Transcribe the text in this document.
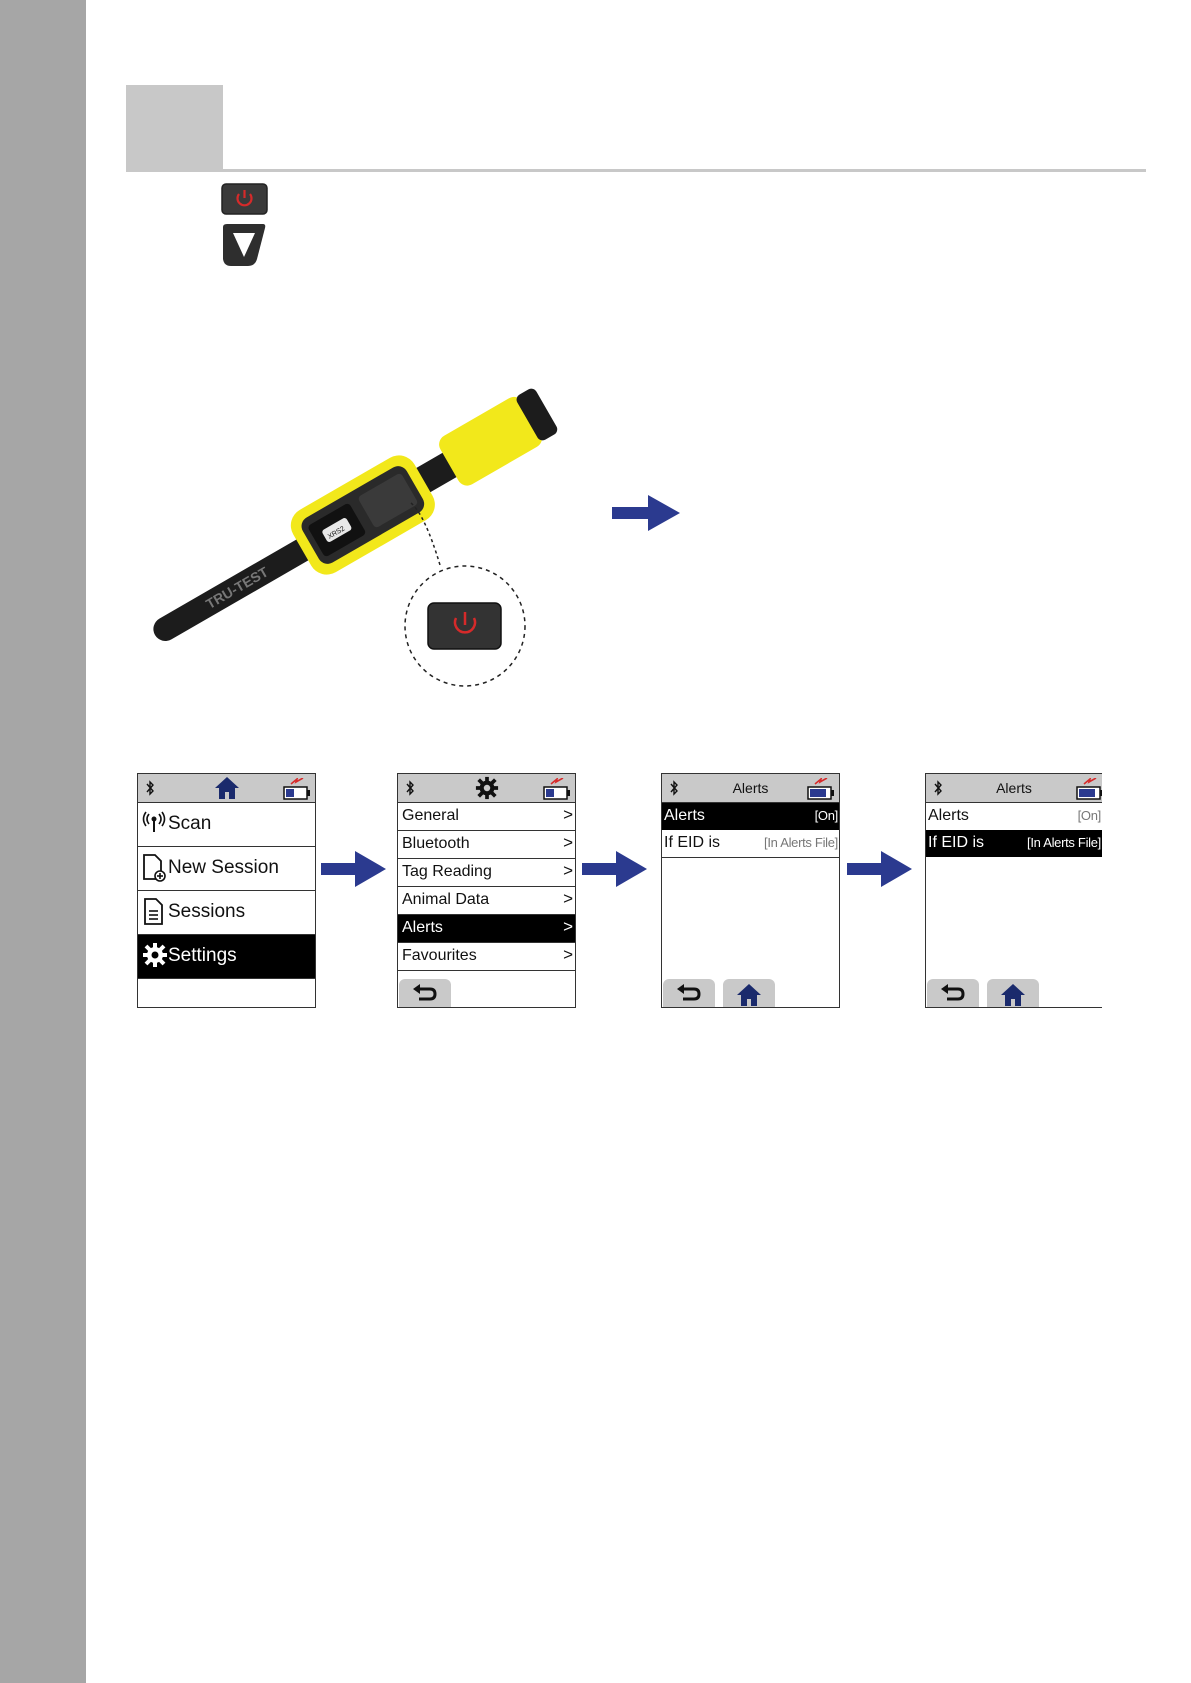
TRU-TEST
XRS2
Scan
New Session
Sessions
Settings
General	>
Bluetooth	>
Tag Reading	>
Animal Data	>
Alerts	>
Favourites	>
Alerts
Alerts	[On]
If EID is	[In Alerts File]
Alerts
Alerts	[On]
If EID is	[In Alerts File]
